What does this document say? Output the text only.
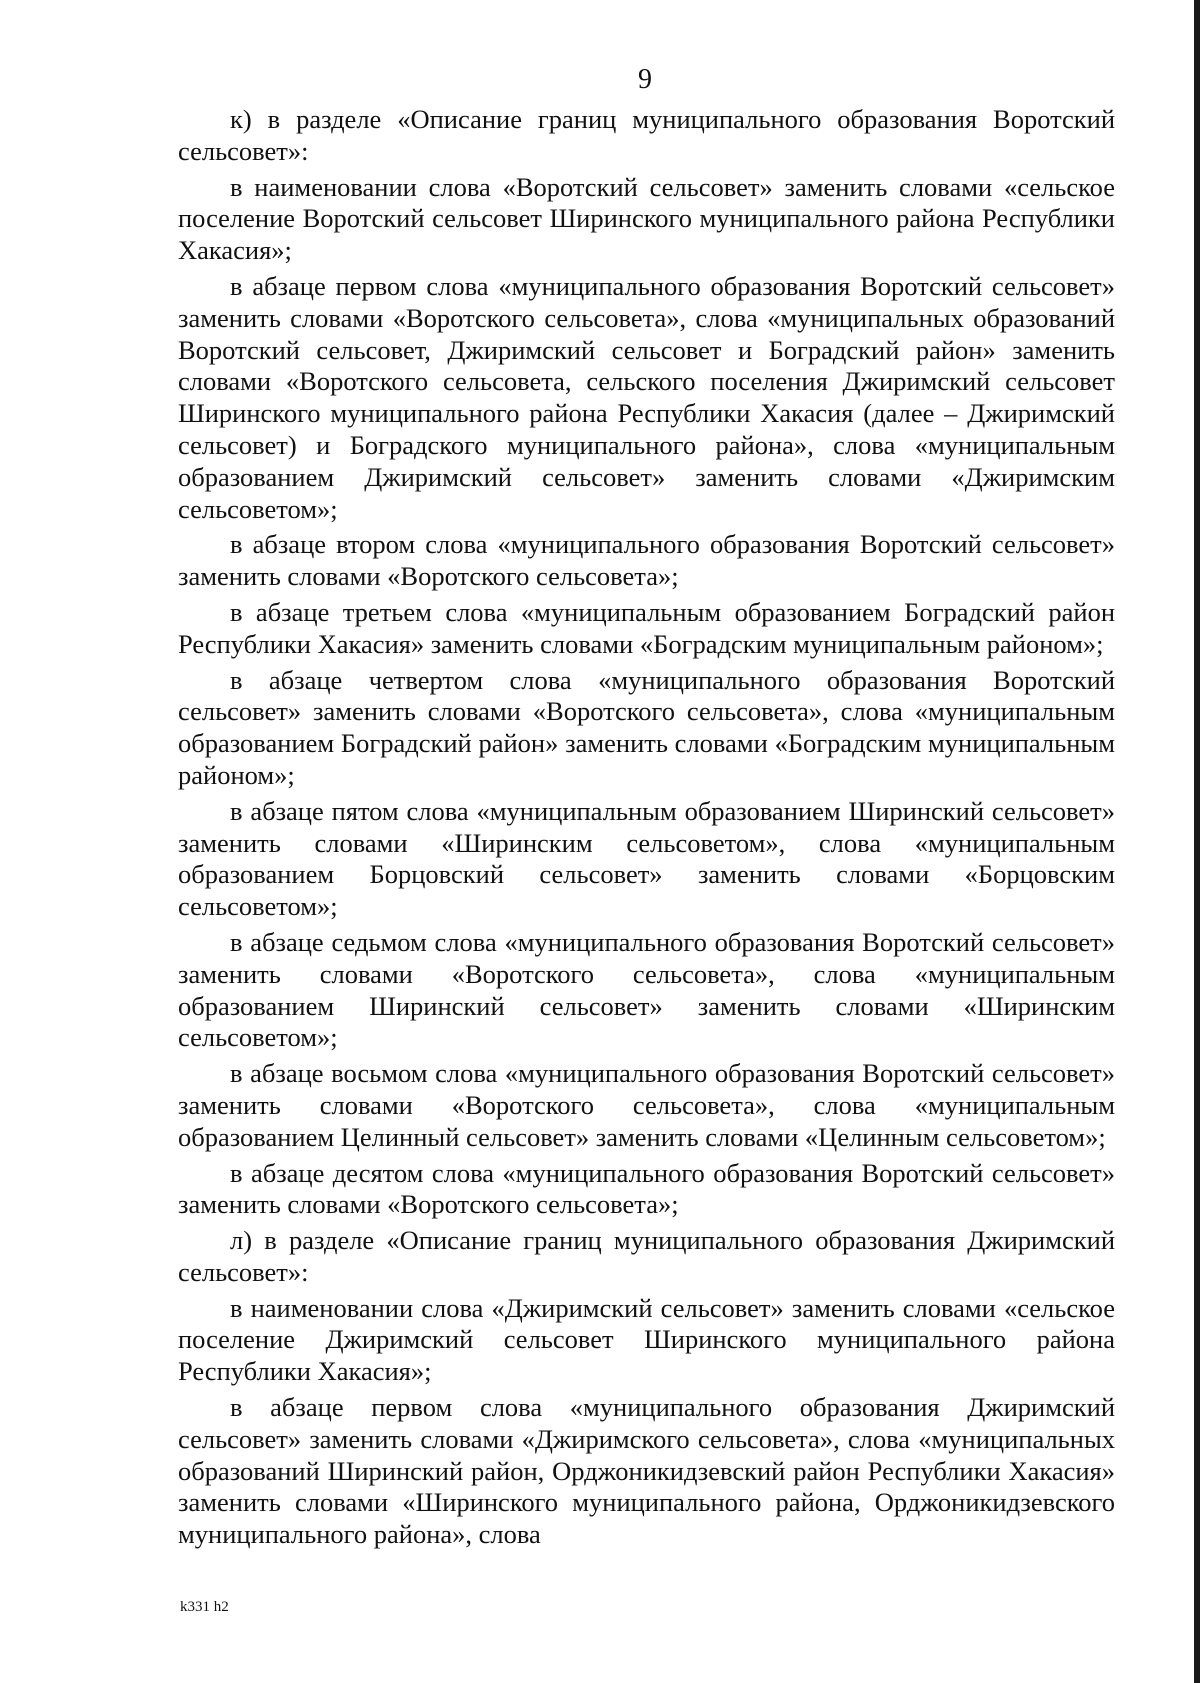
9

к) в разделе «Описание границ муниципального образования Воротский сельсовет»:

в наименовании слова «Воротский сельсовет» заменить словами «сельское поселение Воротский сельсовет Ширинского муниципального района Республики Хакасия»;

в абзаце первом слова «муниципального образования Воротский сельсовет» заменить словами «Воротского сельсовета», слова «муниципальных образований Воротский сельсовет, Джиримский сельсовет и Боградский район» заменить словами «Воротского сельсовета, сельского поселения Джиримский сельсовет Ширинского муниципального района Республики Хакасия (далее – Джиримский сельсовет) и Боградского муниципального района», слова «муниципальным образованием Джиримский сельсовет» заменить словами «Джиримским сельсоветом»;

в абзаце втором слова «муниципального образования Воротский сельсовет» заменить словами «Воротского сельсовета»;

в абзаце третьем слова «муниципальным образованием Боградский район Республики Хакасия» заменить словами «Боградским муниципальным районом»;

в абзаце четвертом слова «муниципального образования Воротский сельсовет» заменить словами «Воротского сельсовета», слова «муниципальным образованием Боградский район» заменить словами «Боградским муниципальным районом»;

в абзаце пятом слова «муниципальным образованием Ширинский сельсовет» заменить словами «Ширинским сельсоветом», слова «муниципальным образованием Борцовский сельсовет» заменить словами «Борцовским сельсоветом»;

в абзаце седьмом слова «муниципального образования Воротский сельсовет» заменить словами «Воротского сельсовета», слова «муниципальным образованием Ширинский сельсовет» заменить словами «Ширинским сельсоветом»;

в абзаце восьмом слова «муниципального образования Воротский сельсовет» заменить словами «Воротского сельсовета», слова «муниципальным образованием Целинный сельсовет» заменить словами «Целинным сельсоветом»;

в абзаце десятом слова «муниципального образования Воротский сельсовет» заменить словами «Воротского сельсовета»;

л) в разделе «Описание границ муниципального образования Джиримский сельсовет»:

в наименовании слова «Джиримский сельсовет» заменить словами «сельское поселение Джиримский сельсовет Ширинского муниципального района Республики Хакасия»;

в абзаце первом слова «муниципального образования Джиримский сельсовет» заменить словами «Джиримского сельсовета», слова «муниципальных образований Ширинский район, Орджоникидзевский район Республики Хакасия» заменить словами «Ширинского муниципального района, Орджоникидзевского муниципального района», слова

k331 h2
